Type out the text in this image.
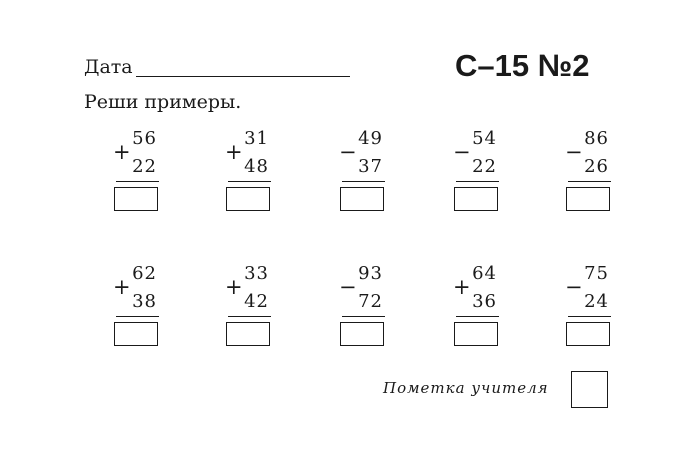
Дата	С–15 №2
Реши примеры.
+
56
22
+
31
48
−
49
37
−
54
22
−
86
26
+
62
38
+
33
42
−
93
72
+
64
36
−
75
24
Пометка учителя
